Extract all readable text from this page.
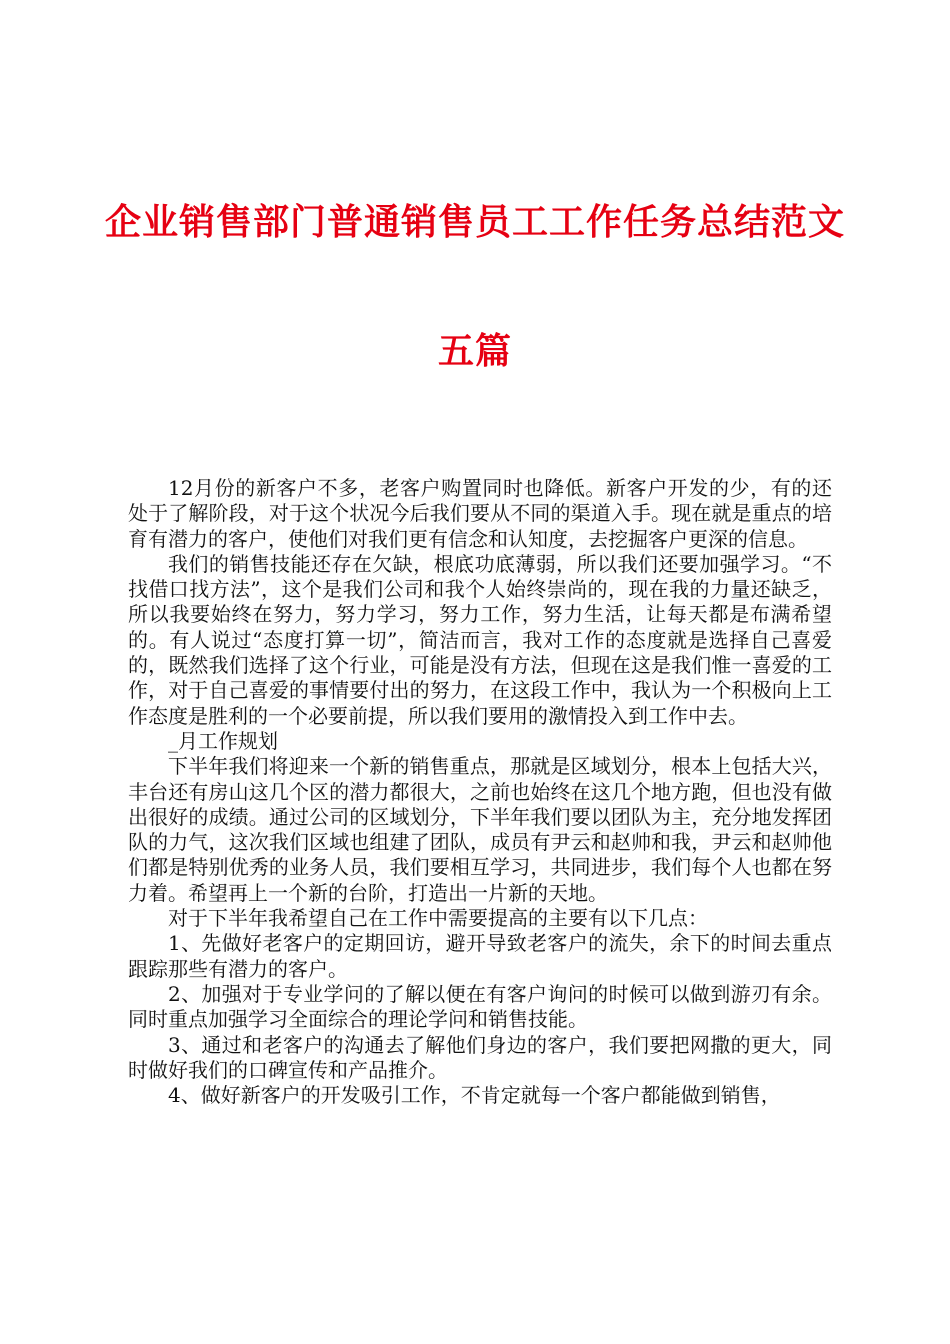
企业销售部门普通销售员工工作任务总结范文
五篇

12月份的新客户不多，老客户购置同时也降低。新客户开发的少，有的还处于了解阶段，对于这个状况今后我们要从不同的渠道入手。现在就是重点的培育有潜力的客户，使他们对我们更有信念和认知度，去挖掘客户更深的信息。

我们的销售技能还存在欠缺，根底功底薄弱，所以我们还要加强学习。“不找借口找方法”，这个是我们公司和我个人始终崇尚的，现在我的力量还缺乏，所以我要始终在努力，努力学习，努力工作，努力生活，让每天都是布满希望的。有人说过“态度打算一切”，简洁而言，我对工作的态度就是选择自己喜爱的，既然我们选择了这个行业，可能是没有方法，但现在这是我们惟一喜爱的工作，对于自己喜爱的事情要付出的努力，在这段工作中，我认为一个积极向上工作态度是胜利的一个必要前提，所以我们要用的激情投入到工作中去。

_月工作规划

下半年我们将迎来一个新的销售重点，那就是区域划分，根本上包括大兴，丰台还有房山这几个区的潜力都很大，之前也始终在这几个地方跑，但也没有做出很好的成绩。通过公司的区域划分，下半年我们要以团队为主，充分地发挥团队的力气，这次我们区域也组建了团队，成员有尹云和赵帅和我，尹云和赵帅他们都是特别优秀的业务人员，我们要相互学习，共同进步，我们每个人也都在努力着。希望再上一个新的台阶，打造出一片新的天地。

对于下半年我希望自己在工作中需要提高的主要有以下几点：

1、先做好老客户的定期回访，避开导致老客户的流失，余下的时间去重点跟踪那些有潜力的客户。

2、加强对于专业学问的了解以便在有客户询问的时候可以做到游刃有余。同时重点加强学习全面综合的理论学问和销售技能。

3、通过和老客户的沟通去了解他们身边的客户，我们要把网撒的更大，同时做好我们的口碑宣传和产品推介。

4、做好新客户的开发吸引工作，不肯定就每一个客户都能做到销售，
